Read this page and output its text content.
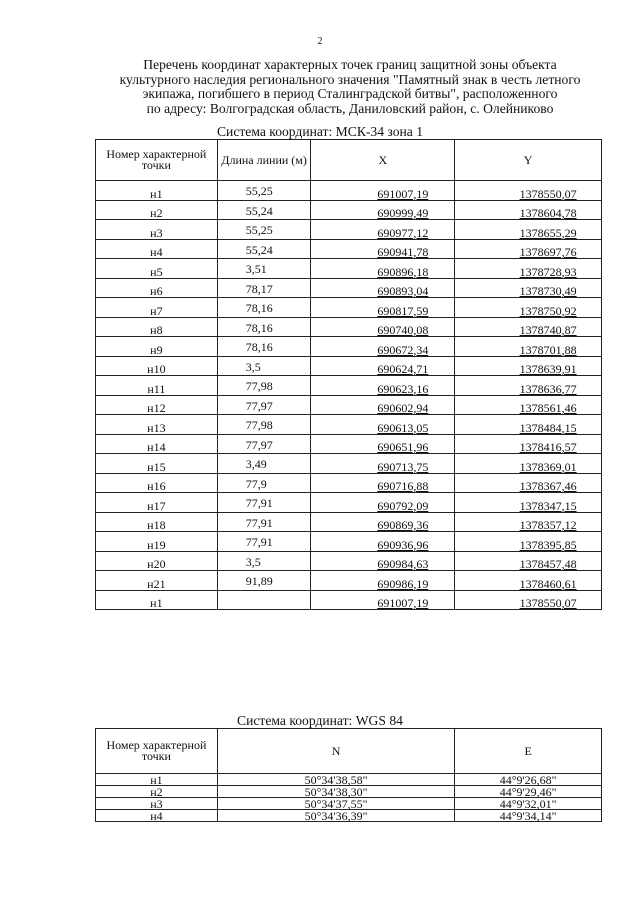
2
Перечень координат характерных точек границ защитной зоны объекта
культурного наследия регионального значения "Памятный знак в честь летного
экипажа, погибшего в период Сталинградской битвы", расположенного
по адресу: Волгоградская область, Даниловский район, с. Олейниково
Система координат: МСК-34 зона 1
Номер характерной точки	Длина линии (м)	X	Y
н1	55,25	691007,19	1378550,07
н2	55,24	690999,49	1378604,78
н3	55,25	690977,12	1378655,29
н4	55,24	690941,78	1378697,76
н5	3,51	690896,18	1378728,93
н6	78,17	690893,04	1378730,49
н7	78,16	690817,59	1378750,92
н8	78,16	690740,08	1378740,87
н9	78,16	690672,34	1378701,88
н10	3,5	690624,71	1378639,91
н11	77,98	690623,16	1378636,77
н12	77,97	690602,94	1378561,46
н13	77,98	690613,05	1378484,15
н14	77,97	690651,96	1378416,57
н15	3,49	690713,75	1378369,01
н16	77,9	690716,88	1378367,46
н17	77,91	690792,09	1378347,15
н18	77,91	690869,36	1378357,12
н19	77,91	690936,96	1378395,85
н20	3,5	690984,63	1378457,48
н21	91,89	690986,19	1378460,61
н1		691007,19	1378550,07
Система координат: WGS 84
Номер характерной точки	N	E
н1	50°34'38,58"	44°9'26,68"
н2	50°34'38,30"	44°9'29,46"
н3	50°34'37,55"	44°9'32,01"
н4	50°34'36,39"	44°9'34,14"
